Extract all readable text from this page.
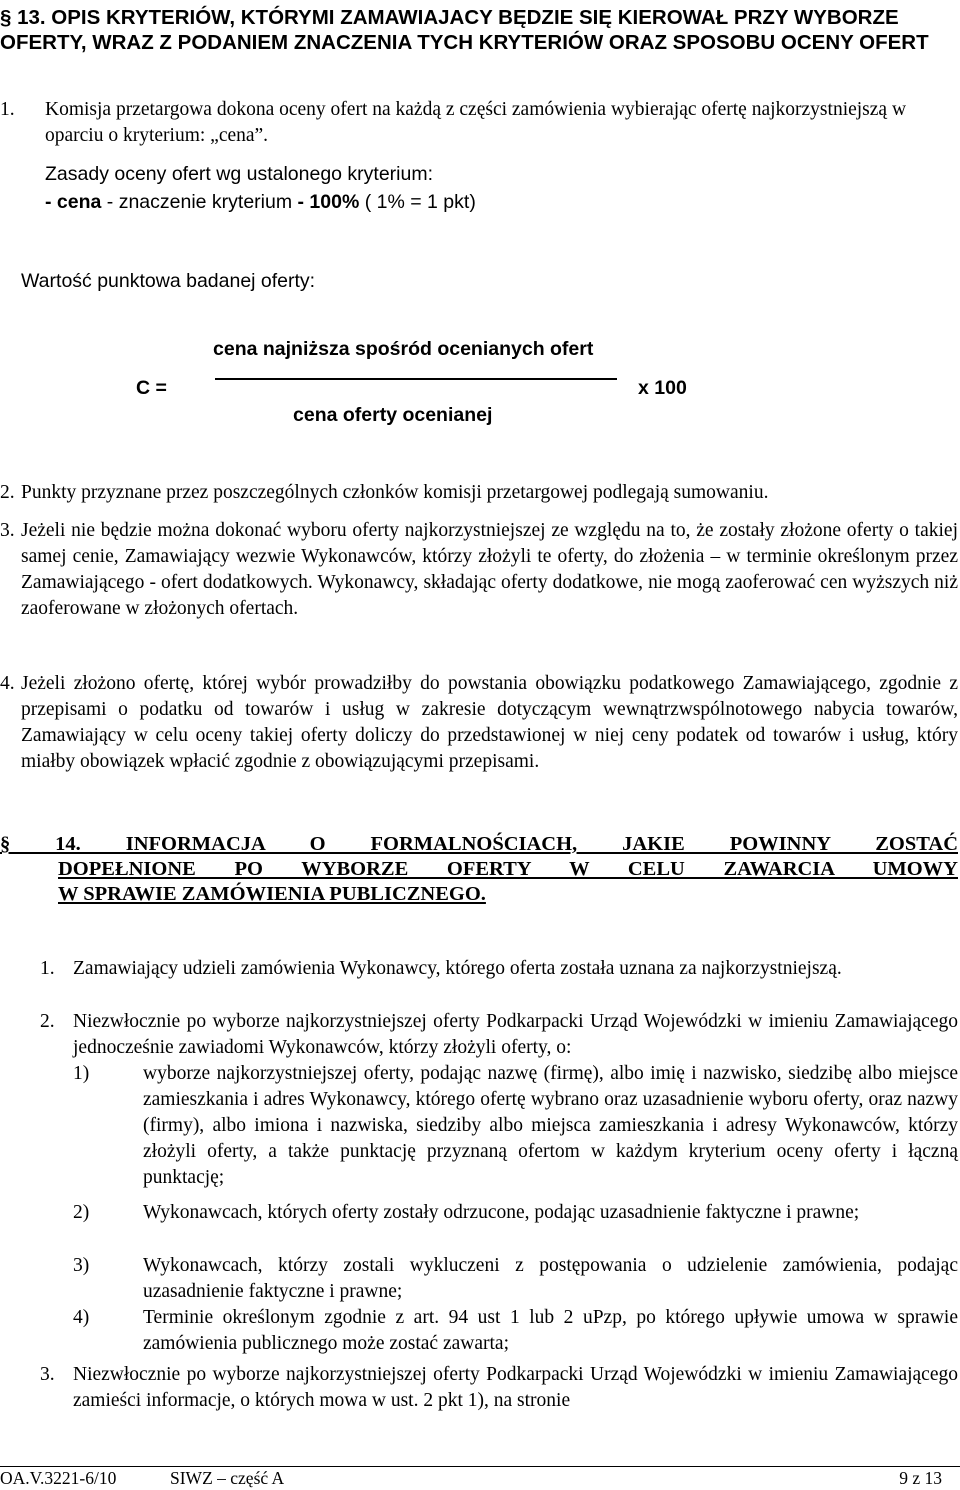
§ 13. OPIS KRYTERIÓW, KTÓRYMI ZAMAWIAJACY BĘDZIE SIĘ KIEROWAŁ PRZY WYBORZE OFERTY, WRAZ Z PODANIEM ZNACZENIA TYCH KRYTERIÓW ORAZ SPOSOBU OCENY OFERT
1. Komisja przetargowa dokona oceny ofert na każdą z części zamówienia wybierając ofertę najkorzystniejszą w oparciu o kryterium: „cena”.
Zasady oceny ofert wg ustalonego kryterium:
- cena - znaczenie kryterium - 100% ( 1% = 1 pkt)
Wartość punktowa badanej oferty:
cena najniższa spośród ocenianych ofert
C =	x 100
cena oferty ocenianej
2. Punkty przyznane przez poszczególnych członków komisji przetargowej podlegają sumowaniu.
3. Jeżeli nie będzie można dokonać wyboru oferty najkorzystniejszej ze względu na to, że zostały złożone oferty o takiej samej cenie, Zamawiający wezwie Wykonawców, którzy złożyli te oferty, do złożenia – w terminie określonym przez Zamawiającego - ofert dodatkowych. Wykonawcy, składając oferty dodatkowe, nie mogą zaoferować cen wyższych niż zaoferowane w złożonych ofertach.
4. Jeżeli złożono ofertę, której wybór prowadziłby do powstania obowiązku podatkowego Zamawiającego, zgodnie z przepisami o podatku od towarów i usług w zakresie dotyczącym wewnątrzwspólnotowego nabycia towarów, Zamawiający w celu oceny takiej oferty doliczy do przedstawionej w niej ceny podatek od towarów i usług, który miałby obowiązek wpłacić zgodnie z obowiązującymi przepisami.
§ 14. INFORMACJA O FORMALNOŚCIACH, JAKIE POWINNY ZOSTAĆ
DOPEŁNIONE PO WYBORZE OFERTY W CELU ZAWARCIA UMOWY
W SPRAWIE ZAMÓWIENIA PUBLICZNEGO.
1. Zamawiający udzieli zamówienia Wykonawcy, którego oferta została uznana za najkorzystniejszą.
2. Niezwłocznie po wyborze najkorzystniejszej oferty Podkarpacki Urząd Wojewódzki w imieniu Zamawiającego jednocześnie zawiadomi Wykonawców, którzy złożyli oferty, o:
1)	wyborze najkorzystniejszej oferty, podając nazwę (firmę), albo imię i nazwisko, siedzibę albo miejsce zamieszkania i adres Wykonawcy, którego ofertę wybrano oraz uzasadnienie wyboru oferty, oraz nazwy (firmy), albo imiona i nazwiska, siedziby albo miejsca zamieszkania i adresy Wykonawców, którzy złożyli oferty, a także punktację przyznaną ofertom w każdym kryterium oceny oferty i łączną punktację;
2)	Wykonawcach, których oferty zostały odrzucone, podając uzasadnienie faktyczne i prawne;
3)	Wykonawcach, którzy zostali wykluczeni z postępowania o udzielenie zamówienia, podając uzasadnienie faktyczne i prawne;
4)	Terminie określonym zgodnie z art. 94 ust 1 lub 2 uPzp, po którego upływie umowa w sprawie zamówienia publicznego może zostać zawarta;
3. Niezwłocznie po wyborze najkorzystniejszej oferty Podkarpacki Urząd Wojewódzki w imieniu Zamawiającego zamieści informacje, o których mowa w ust. 2 pkt 1), na stronie
OA.V.3221-6/10	SIWZ – część A	9 z 13
